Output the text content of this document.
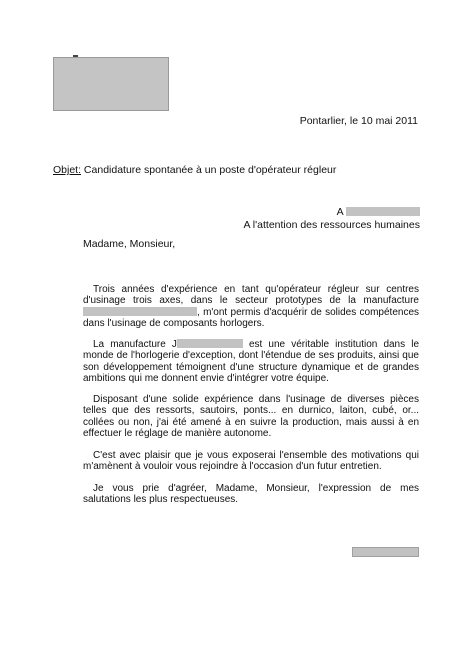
Pontarlier, le 10 mai 2011
Objet: Candidature spontanée à un poste d'opérateur régleur
A
A l'attention des ressources humaines
Madame, Monsieur,

Trois années d'expérience en tant qu'opérateur régleur sur centres d'usinage trois axes, dans le secteur prototypes de la manufacture , m'ont permis d'acquérir de solides compétences dans l'usinage de composants horlogers.

La manufacture J	est une véritable institution dans le monde de l'horlogerie d'exception, dont l'étendue de ses produits, ainsi que son développement témoignent d'une structure dynamique et de grandes ambitions qui me donnent envie d'intégrer votre équipe.

Disposant d'une solide expérience dans l'usinage de diverses pièces telles que des ressorts, sautoirs, ponts... en durnico, laiton, cubé, or... collées ou non, j'ai été amené à en suivre la production, mais aussi à en effectuer le réglage de manière autonome.

C'est avec plaisir que je vous exposerai l'ensemble des motivations qui m'amènent à vouloir vous rejoindre à l'occasion d'un futur entretien.

Je vous prie d'agréer, Madame, Monsieur, l'expression de mes salutations les plus respectueuses.
